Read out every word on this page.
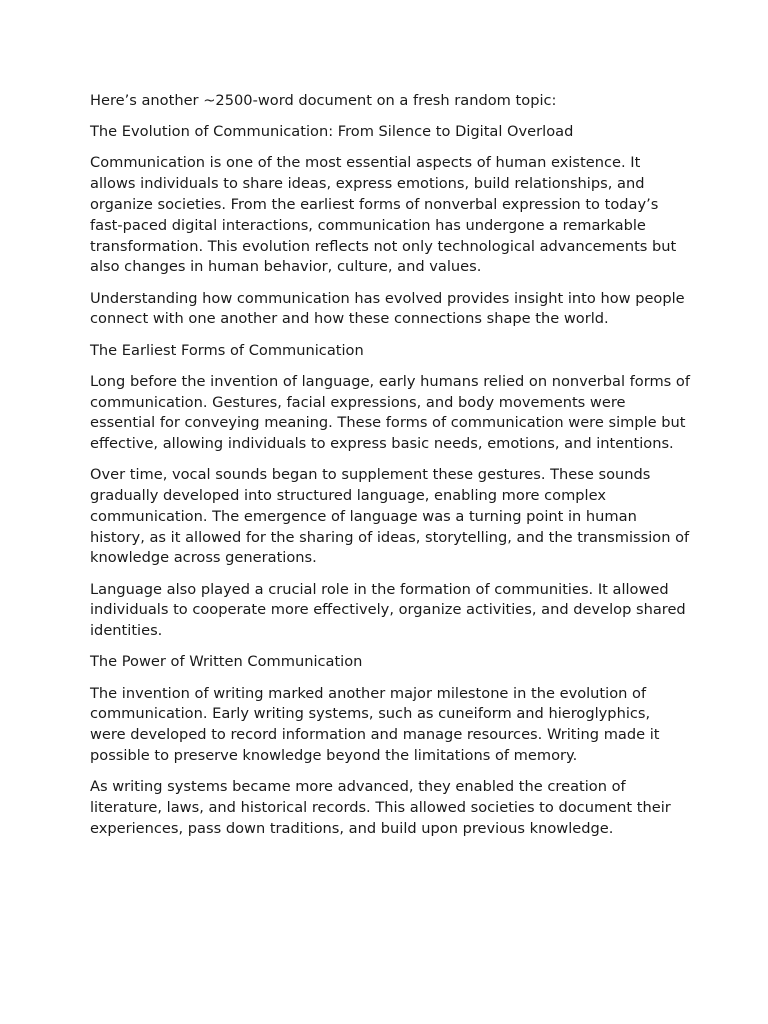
Here’s another ~2500-word document on a fresh random topic:

The Evolution of Communication: From Silence to Digital Overload

Communication is one of the most essential aspects of human existence. It allows individuals to share ideas, express emotions, build relationships, and organize societies. From the earliest forms of nonverbal expression to today’s fast-paced digital interactions, communication has undergone a remarkable transformation. This evolution reflects not only technological advancements but also changes in human behavior, culture, and values.

Understanding how communication has evolved provides insight into how people connect with one another and how these connections shape the world.

The Earliest Forms of Communication

Long before the invention of language, early humans relied on nonverbal forms of communication. Gestures, facial expressions, and body movements were essential for conveying meaning. These forms of communication were simple but effective, allowing individuals to express basic needs, emotions, and intentions.

Over time, vocal sounds began to supplement these gestures. These sounds gradually developed into structured language, enabling more complex communication. The emergence of language was a turning point in human history, as it allowed for the sharing of ideas, storytelling, and the transmission of knowledge across generations.

Language also played a crucial role in the formation of communities. It allowed individuals to cooperate more effectively, organize activities, and develop shared identities.

The Power of Written Communication

The invention of writing marked another major milestone in the evolution of communication. Early writing systems, such as cuneiform and hieroglyphics, were developed to record information and manage resources. Writing made it possible to preserve knowledge beyond the limitations of memory.

As writing systems became more advanced, they enabled the creation of literature, laws, and historical records. This allowed societies to document their experiences, pass down traditions, and build upon previous knowledge.
